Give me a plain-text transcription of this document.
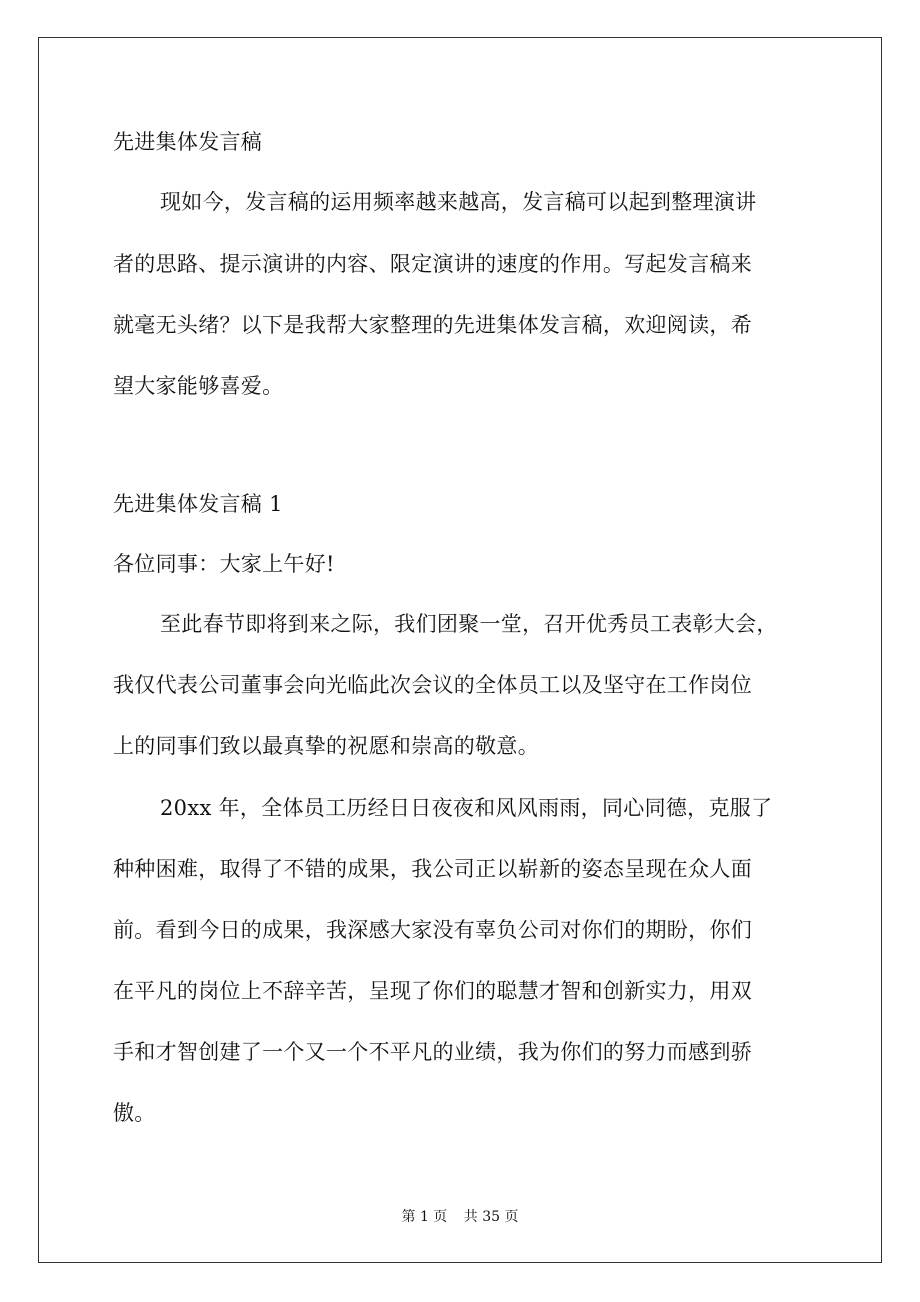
先进集体发言稿
现如今，发言稿的运用频率越来越高，发言稿可以起到整理演讲
者的思路、提示演讲的内容、限定演讲的速度的作用。写起发言稿来
就毫无头绪？以下是我帮大家整理的先进集体发言稿，欢迎阅读，希
望大家能够喜爱。
先进集体发言稿 1
各位同事：大家上午好!
至此春节即将到来之际，我们团聚一堂，召开优秀员工表彰大会，
我仅代表公司董事会向光临此次会议的全体员工以及坚守在工作岗位
上的同事们致以最真挚的祝愿和崇高的敬意。
20xx 年，全体员工历经日日夜夜和风风雨雨，同心同德，克服了
种种困难，取得了不错的成果，我公司正以崭新的姿态呈现在众人面
前。看到今日的成果，我深感大家没有辜负公司对你们的期盼，你们
在平凡的岗位上不辞辛苦，呈现了你们的聪慧才智和创新实力，用双
手和才智创建了一个又一个不平凡的业绩，我为你们的努力而感到骄
傲。
第 1 页 共 35 页
